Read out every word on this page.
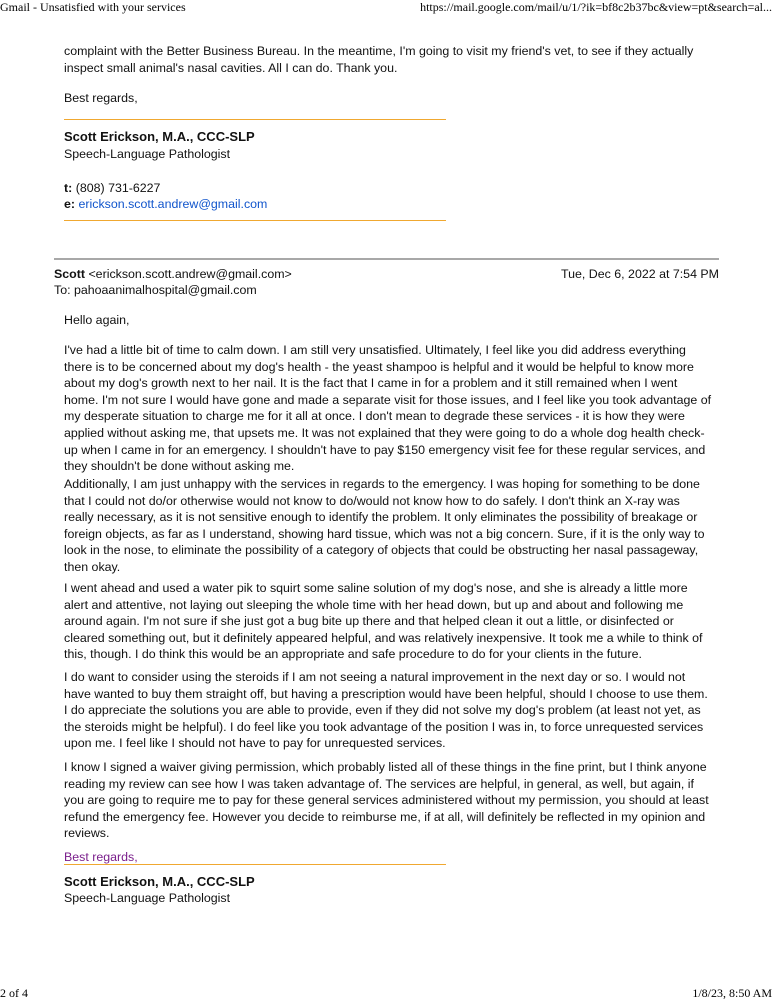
Gmail - Unsatisfied with your services	https://mail.google.com/mail/u/1/?ik=bf8c2b37bc&view=pt&search=al...
complaint with the Better Business Bureau. In the meantime, I'm going to visit my friend's vet, to see if they actually inspect small animal's nasal cavities. All I can do. Thank you.
Best regards,
Scott Erickson, M.A., CCC-SLP
Speech-Language Pathologist
t: (808) 731-6227
e: erickson.scott.andrew@gmail.com
Scott <erickson.scott.andrew@gmail.com>	Tue, Dec 6, 2022 at 7:54 PM
To: pahoaanimalhospital@gmail.com
Hello again,
I've had a little bit of time to calm down. I am still very unsatisfied. Ultimately, I feel like you did address everything there is to be concerned about my dog's health - the yeast shampoo is helpful and it would be helpful to know more about my dog's growth next to her nail. It is the fact that I came in for a problem and it still remained when I went home. I'm not sure I would have gone and made a separate visit for those issues, and I feel like you took advantage of my desperate situation to charge me for it all at once. I don't mean to degrade these services - it is how they were applied without asking me, that upsets me. It was not explained that they were going to do a whole dog health check-up when I came in for an emergency. I shouldn't have to pay $150 emergency visit fee for these regular services, and they shouldn't be done without asking me.
Additionally, I am just unhappy with the services in regards to the emergency. I was hoping for something to be done that I could not do/or otherwise would not know to do/would not know how to do safely. I don't think an X-ray was really necessary, as it is not sensitive enough to identify the problem. It only eliminates the possibility of breakage or foreign objects, as far as I understand, showing hard tissue, which was not a big concern. Sure, if it is the only way to look in the nose, to eliminate the possibility of a category of objects that could be obstructing her nasal passageway, then okay.
I went ahead and used a water pik to squirt some saline solution of my dog's nose, and she is already a little more alert and attentive, not laying out sleeping the whole time with her head down, but up and about and following me around again. I'm not sure if she just got a bug bite up there and that helped clean it out a little, or disinfected or cleared something out, but it definitely appeared helpful, and was relatively inexpensive. It took me a while to think of this, though. I do think this would be an appropriate and safe procedure to do for your clients in the future.
I do want to consider using the steroids if I am not seeing a natural improvement in the next day or so. I would not have wanted to buy them straight off, but having a prescription would have been helpful, should I choose to use them. I do appreciate the solutions you are able to provide, even if they did not solve my dog's problem (at least not yet, as the steroids might be helpful). I do feel like you took advantage of the position I was in, to force unrequested services upon me. I feel like I should not have to pay for unrequested services.
I know I signed a waiver giving permission, which probably listed all of these things in the fine print, but I think anyone reading my review can see how I was taken advantage of. The services are helpful, in general, as well, but again, if you are going to require me to pay for these general services administered without my permission, you should at least refund the emergency fee. However you decide to reimburse me, if at all, will definitely be reflected in my opinion and reviews.
Best regards,
Scott Erickson, M.A., CCC-SLP
Speech-Language Pathologist
2 of 4	1/8/23, 8:50 AM
